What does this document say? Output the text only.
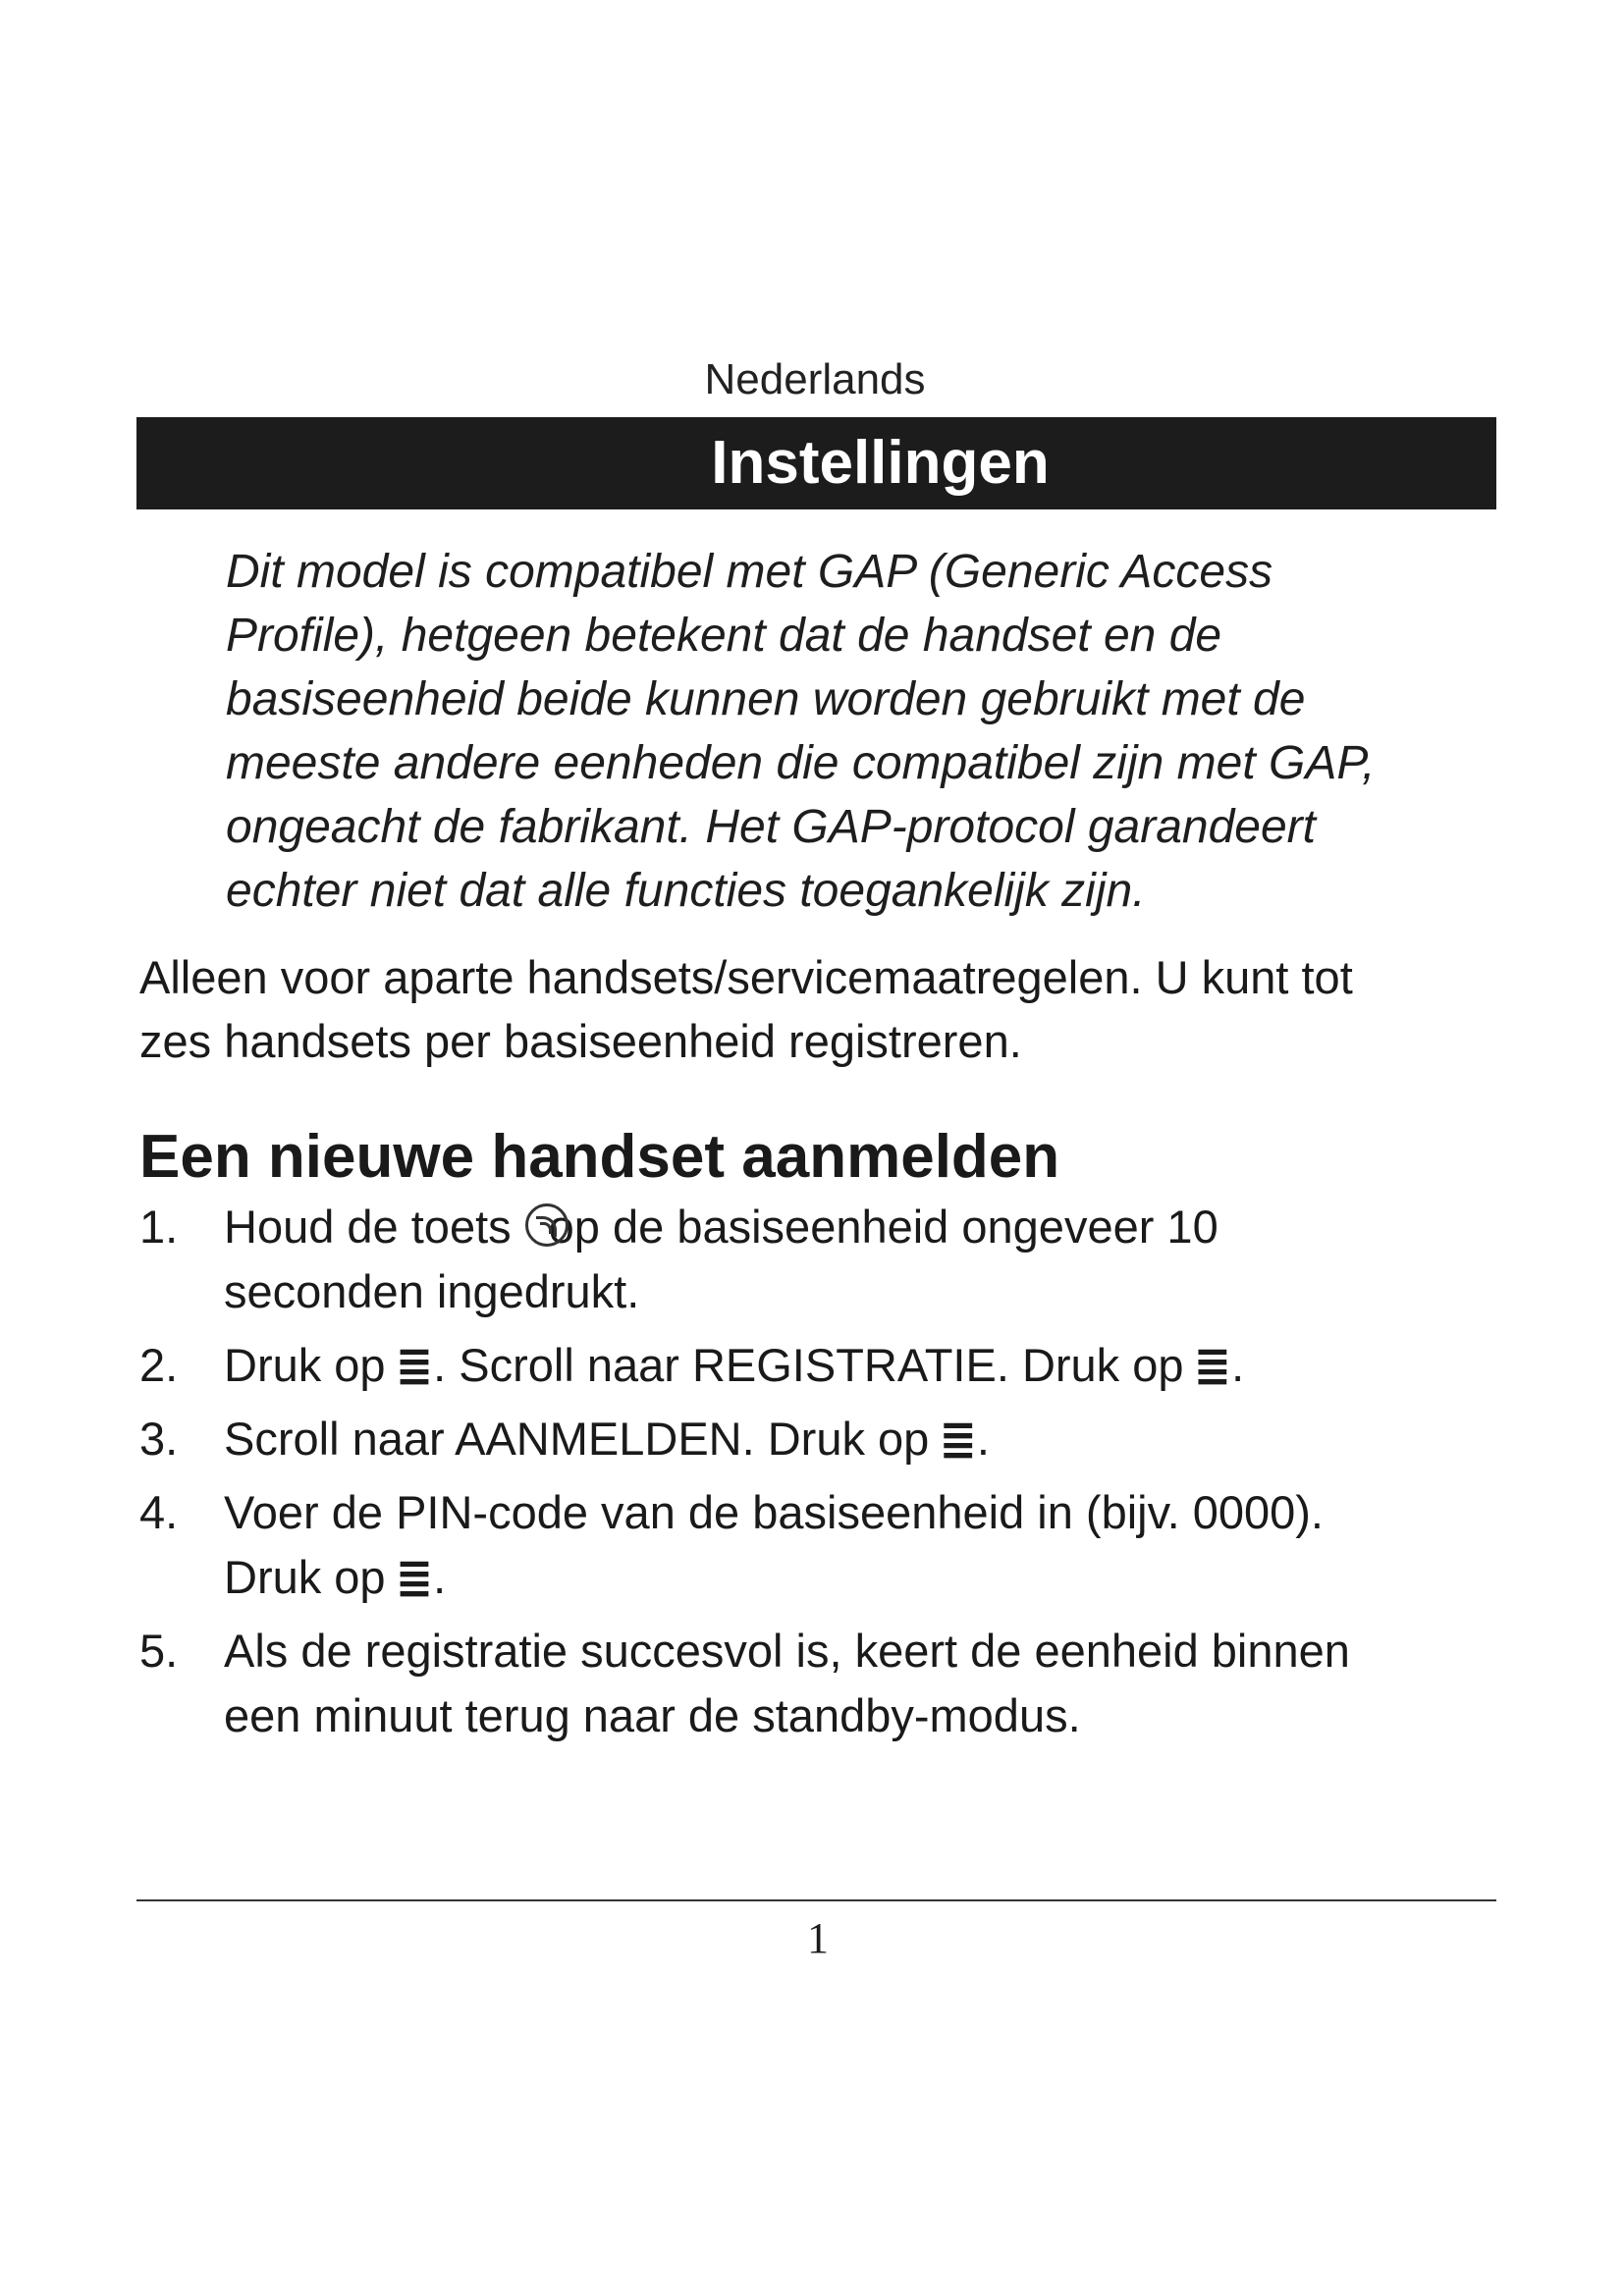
Nederlands
Instellingen

Dit model is compatibel met GAP (Generic Access
Profile), hetgeen betekent dat de handset en de
basiseenheid beide kunnen worden gebruikt met de
meeste andere eenheden die compatibel zijn met GAP,
ongeacht de fabrikant. Het GAP-protocol garandeert
echter niet dat alle functies toegankelijk zijn.

Alleen voor aparte handsets/servicemaatregelen. U kunt tot
zes handsets per basiseenheid registreren.

Een nieuwe handset aanmelden
1. Houd de toets op de basiseenheid ongeveer 10
seconden ingedrukt.
2. Druk op ≣. Scroll naar REGISTRATIE. Druk op ≣.
3. Scroll naar AANMELDEN. Druk op ≣.
4. Voer de PIN-code van de basiseenheid in (bijv. 0000).
Druk op ≣.
5. Als de registratie succesvol is, keert de eenheid binnen
een minuut terug naar de standby-modus.
1
